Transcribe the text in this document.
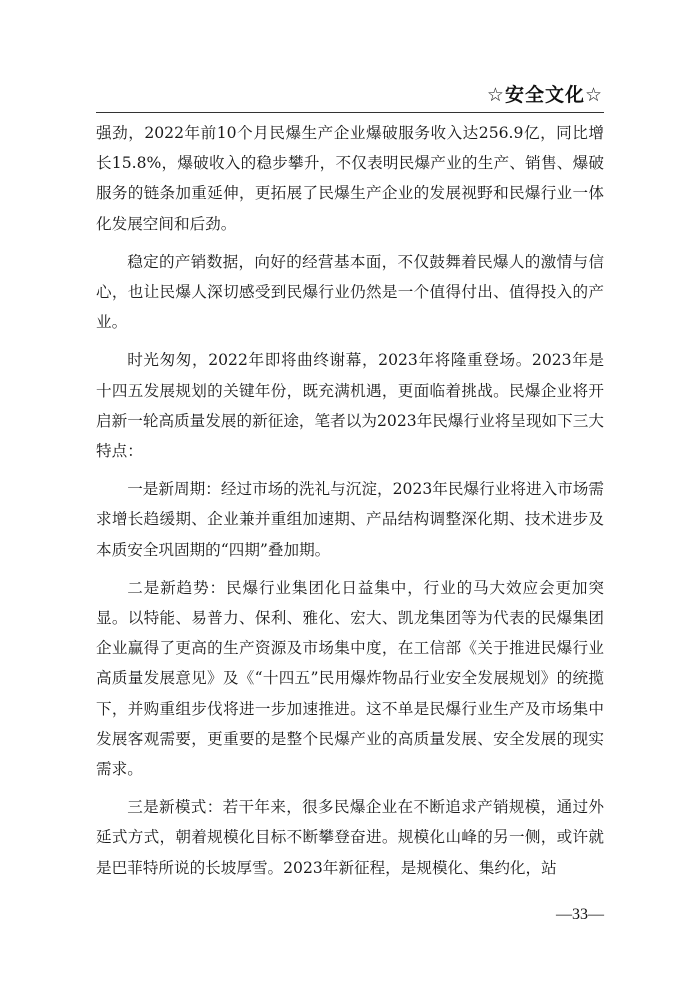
☆安全文化☆

强劲，2022年前10个月民爆生产企业爆破服务收入达256.9亿，同比增长15.8%，爆破收入的稳步攀升，不仅表明民爆产业的生产、销售、爆破服务的链条加重延伸，更拓展了民爆生产企业的发展视野和民爆行业一体化发展空间和后劲。

稳定的产销数据，向好的经营基本面，不仅鼓舞着民爆人的激情与信心，也让民爆人深切感受到民爆行业仍然是一个值得付出、值得投入的产业。

时光匆匆，2022年即将曲终谢幕，2023年将隆重登场。2023年是十四五发展规划的关键年份，既充满机遇，更面临着挑战。民爆企业将开启新一轮高质量发展的新征途，笔者以为2023年民爆行业将呈现如下三大特点：

一是新周期：经过市场的洗礼与沉淀，2023年民爆行业将进入市场需求增长趋缓期、企业兼并重组加速期、产品结构调整深化期、技术进步及本质安全巩固期的“四期”叠加期。

二是新趋势：民爆行业集团化日益集中，行业的马大效应会更加突显。以特能、易普力、保利、雅化、宏大、凯龙集团等为代表的民爆集团企业赢得了更高的生产资源及市场集中度，在工信部《关于推进民爆行业高质量发展意见》及《“十四五”民用爆炸物品行业安全发展规划》的统揽下，并购重组步伐将进一步加速推进。这不单是民爆行业生产及市场集中发展客观需要，更重要的是整个民爆产业的高质量发展、安全发展的现实需求。

三是新模式：若干年来，很多民爆企业在不断追求产销规模，通过外延式方式，朝着规模化目标不断攀登奋进。规模化山峰的另一侧，或许就是巴菲特所说的长坡厚雪。2023年新征程，是规模化、集约化，站

—33—
